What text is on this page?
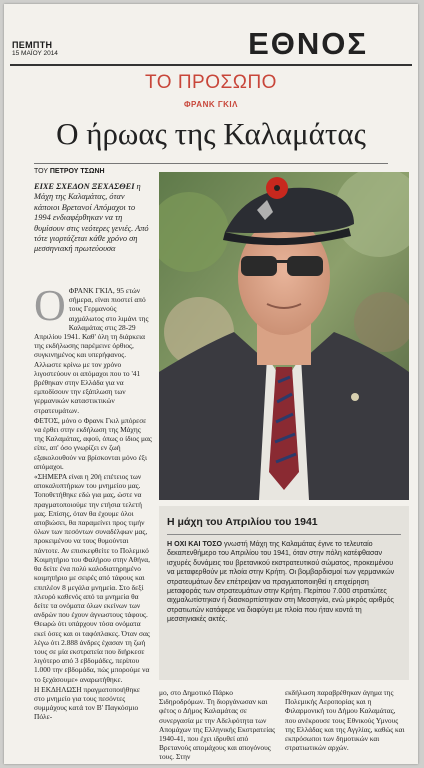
ΠΕΜΠΤΗ
15 ΜΑΪΟΥ 2014	ΕΘΝΟΣ
ΤΟ ΠΡΟΣΩΠΟ
ΦΡΑΝΚ ΓΚΙΛ
Ο ήρωας της Καλαμάτας
ΤΟΥ ΠΕΤΡΟΥ ΤΣΩΝΗ
ΕΙΧΕ ΣΧΕΔΟΝ ΞΕΧΑΣΘΕΙ η Μάχη της Καλαμάτας, όταν κάποιοι Βρετανοί Απόμαχοι το 1994 ενδιαφέρθηκαν να τη θυμίσουν στις νεότερες γενιές. Από τότε γιορτάζεται κάθε χρόνο ση μεσσηνιακή πρωτεύουσα
Ο ΦΡΑΝΚ ΓΚΙΛ, 95 ετών σήμερα, είναι πιοστεί από τους Γερμανούς αιχμάλωτος στο λιμάνι της Καλαμάτας στις 28-29 Απριλίου 1941. Καθ' όλη τη διάρκεια της εκδήλωσης παρέμεινε όρθιος, συγκινημένος και υπερήφανος. Αλλωστε κρίνω με τον χρόνο λιγοστεύουν οι απόμαχοι που το '41 βρέθηκαν στην Ελλάδα για να εμποδίσουν την εξάπλωση των γερμανικών καταστικτικών στρατευμάτων.

ΦΕΤΟΣ, μόνο ο Φρανκ Γκιλ μπόρεσε να έρθει στην εκδήλωση της Μάχης της Καλαμάτας, αφού, όπως ο ίδιος μας είπε, απ' όσο γνωρίζει εν ζωή εξακολουθούν να βρίσκονται μόνο έξι απόμαχοι.

«ΣΗΜΕΡΑ είναι η 20ή επέτειος των αποκαλυπτήριων του μνημείου μας. Τοποθετήθηκε εδώ για μας, ώστε να πραγματοποιούμε την ετήσια τελετή μας. Επίσης, όταν θα έχουμε όλοι αποβιώσει, θα παραμείνει προς τιμήν όλων των πεσόντων συναδέλφων μας, προκειμένου να τους θυμούνται πάντοτε. Αν επισκεφθείτε το Πολεμικό Κοιμητήριο του Φαλήρου στην Αθήνα, θα δείτε ένα πολύ καλοδιατηρημένο κοιμητήριο με σειρές από τάφους και επιπλέον 8 μεγάλα μνημεία. Στο δεξί πλευρό καθενός από τα μνημεία θα δείτε τα ονόματα όλων εκείνων των ανδρών που έχουν άγνωστους τάφους. Θεωρώ ότι υπάρχουν τόσα ονόματα εκεί όσες και οι ταφόπλακες. Όταν σας λέγω ότι 2.888 άνδρες έχασαν τη ζωή τους σε μία εκστρατεία που διήρκεσε λιγότερο από 3 εβδομάδες, περίπου 1.000 την εβδομάδα, πώς μπορούμε να το ξεχάσουμε» αναρωτήθηκε.

Η ΕΚΔΗΛΩΣΗ πραγματοποιήθηκε στο μνημείο για τους πεσόντες συμμάχους κατά τον Β' Παγκόσμιο Πόλε-

Η μάχη του Απριλίου του 1941
Η ΟΧΙ ΚΑΙ ΤΟΣΟ γνωστή Μάχη της Καλαμάτας έγινε το τελευταίο δεκαπενθήμερο του Απριλίου του 1941, όταν στην πόλη κατέφθασαν ισχυρές δυνάμεις του βρετανικού εκστρατευτικού σώματος, προκειμένου να μεταφερθούν με πλοία στην Κρήτη. Οι βομβαρδισμοί των γερμανικών στρατευμάτων δεν επέτρεψαν να πραγματοποιηθεί η επιχείρηση μεταφοράς των στρατευμάτων στην Κρήτη. Περίπου 7.000 στρατιώτες αιχμαλωτίστηκαν ή διασκορπίστηκαν στη Μεσσηνία, ενώ μικρός αριθμός στρατιωτών κατάφερε να διαφύγει με πλοία που ήταν κοντά τη μεσσηνιακές ακτές.

μο, στο Δημοτικό Πάρκο Σιδηροδρόμων. Τη διοργάνωσαν και φέτος ο Δήμος Καλαμάτας σε συνεργασία με την Αδελφότητα των Απομάχων της Ελληνικής Εκστρατείας 1940-41, που έχει ιδρυθεί από Βρετανούς απομάχους και απογόνους τους. Στην

εκδήλωση παραβρέθηκαν άγημα της Πολεμικής Αεροπορίας και η Φιλαρμονική του Δήμου Καλαμάτας, που ανέκρουσε τους Εθνικούς Υμνους της Ελλάδας και της Αγγλίας, καθώς και εκπρόσωποι των δημοτικών και στρατιωτικών αρχών.
